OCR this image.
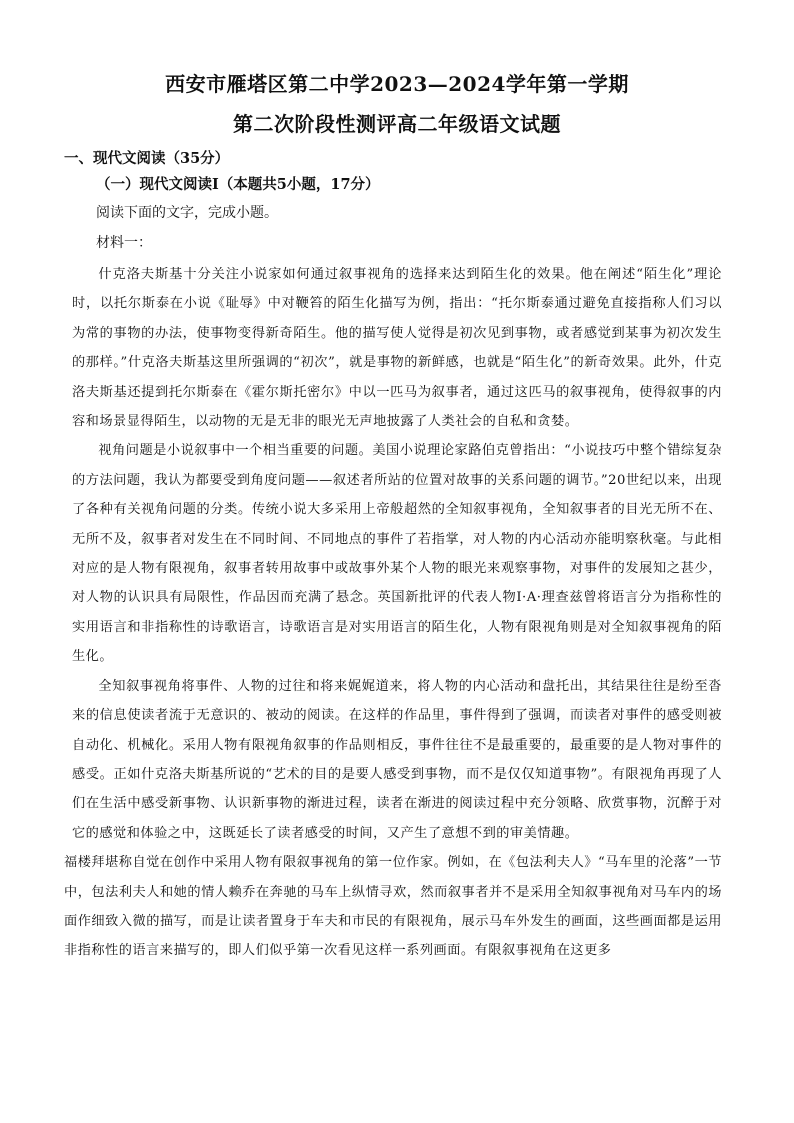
西安市雁塔区第二中学2023—2024学年第一学期
第二次阶段性测评高二年级语文试题
一、现代文阅读（35分）
（一）现代文阅读Ⅰ（本题共5小题，17分）
阅读下面的文字，完成小题。
材料一：

什克洛夫斯基十分关注小说家如何通过叙事视角的选择来达到陌生化的效果。他在阐述“陌生化”理论时，以托尔斯泰在小说《耻辱》中对鞭笞的陌生化描写为例，指出：“托尔斯泰通过避免直接指称人们习以为常的事物的办法，使事物变得新奇陌生。他的描写使人觉得是初次见到事物，或者感觉到某事为初次发生的那样。”什克洛夫斯基这里所强调的“初次”，就是事物的新鲜感，也就是“陌生化”的新奇效果。此外，什克洛夫斯基还提到托尔斯泰在《霍尔斯托密尔》中以一匹马为叙事者，通过这匹马的叙事视角，使得叙事的内容和场景显得陌生，以动物的无是无非的眼光无声地披露了人类社会的自私和贪婪。

视角问题是小说叙事中一个相当重要的问题。美国小说理论家路伯克曾指出：“小说技巧中整个错综复杂的方法问题，我认为都要受到角度问题——叙述者所站的位置对故事的关系问题的调节。”20世纪以来，出现了各种有关视角问题的分类。传统小说大多采用上帝般超然的全知叙事视角，全知叙事者的目光无所不在、无所不及，叙事者对发生在不同时间、不同地点的事件了若指掌，对人物的内心活动亦能明察秋毫。与此相对应的是人物有限视角，叙事者转用故事中或故事外某个人物的眼光来观察事物，对事件的发展知之甚少，对人物的认识具有局限性，作品因而充满了悬念。英国新批评的代表人物I·A·理查兹曾将语言分为指称性的实用语言和非指称性的诗歌语言，诗歌语言是对实用语言的陌生化，人物有限视角则是对全知叙事视角的陌生化。

全知叙事视角将事件、人物的过往和将来娓娓道来，将人物的内心活动和盘托出，其结果往往是纷至沓来的信息使读者流于无意识的、被动的阅读。在这样的作品里，事件得到了强调，而读者对事件的感受则被自动化、机械化。采用人物有限视角叙事的作品则相反，事件往往不是最重要的，最重要的是人物对事件的感受。正如什克洛夫斯基所说的“艺术的目的是要人感受到事物，而不是仅仅知道事物”。有限视角再现了人们在生活中感受新事物、认识新事物的渐进过程，读者在渐进的阅读过程中充分领略、欣赏事物，沉醉于对它的感觉和体验之中，这既延长了读者感受的时间，又产生了意想不到的审美情趣。

福楼拜堪称自觉在创作中采用人物有限叙事视角的第一位作家。例如，在《包法利夫人》“马车里的沦落”一节中，包法利夫人和她的情人赖乔在奔驰的马车上纵情寻欢，然而叙事者并不是采用全知叙事视角对马车内的场面作细致入微的描写，而是让读者置身于车夫和市民的有限视角，展示马车外发生的画面，这些画面都是运用非指称性的语言来描写的，即人们似乎第一次看见这样一系列画面。有限叙事视角在这更多
